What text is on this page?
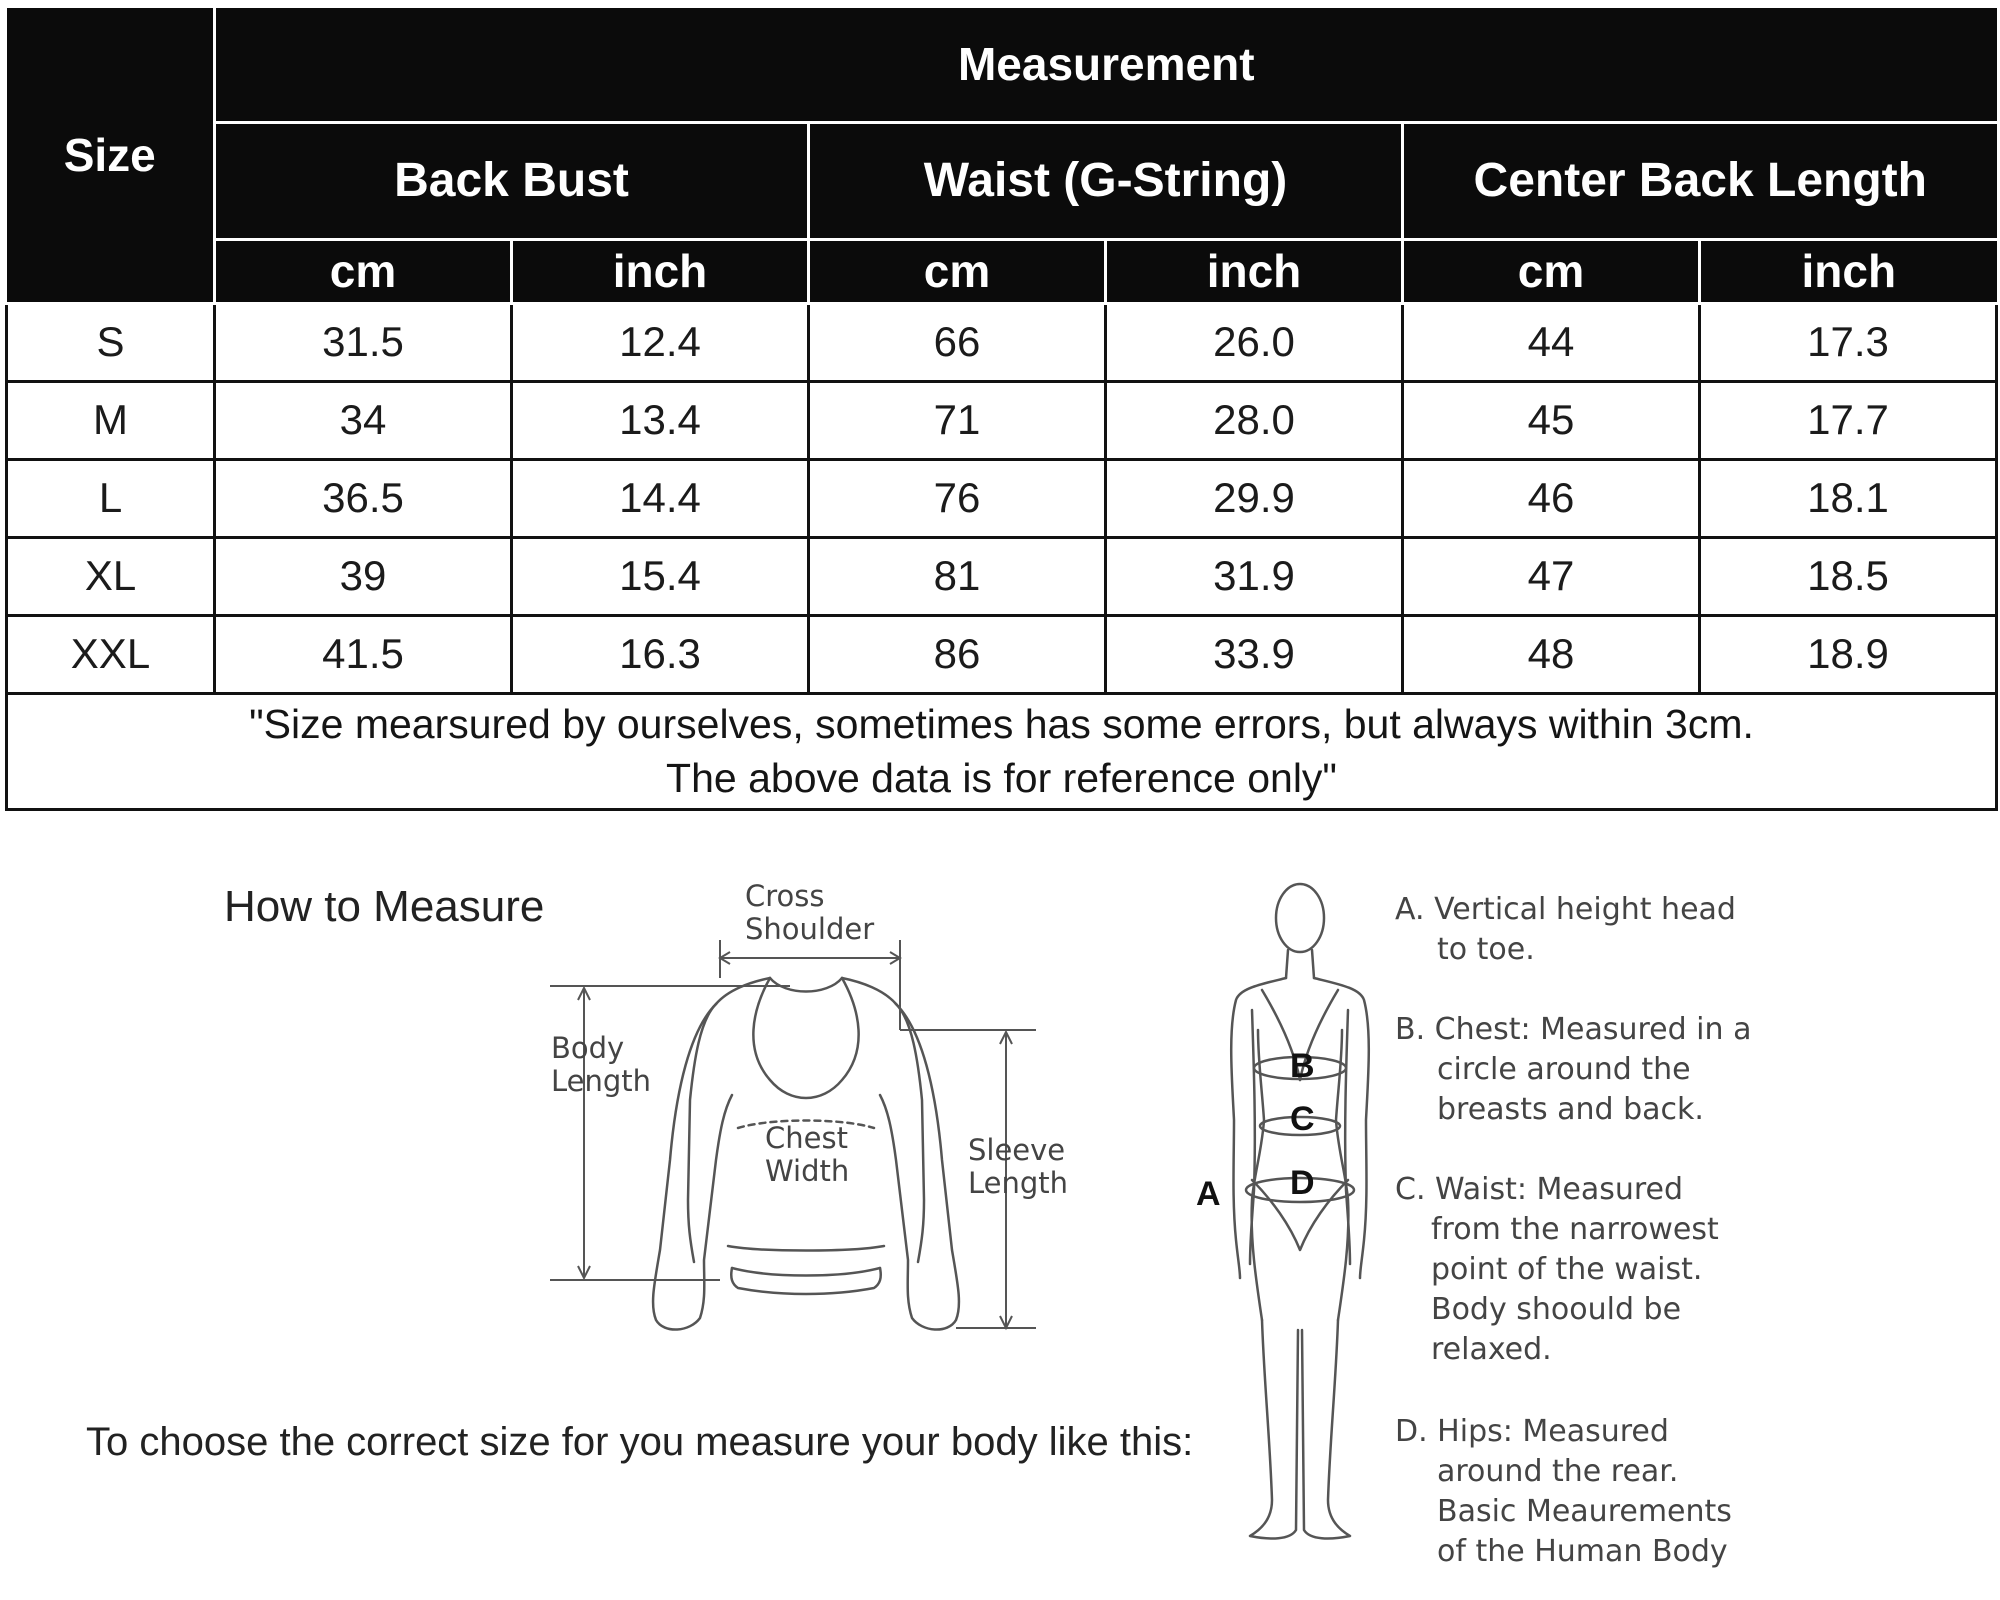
Size	Measurement					
	Back Bust		Waist (G-String)		Center Back Length	
	cm	inch	cm	inch	cm	inch
S	31.5	12.4	66	26.0	44	17.3
M	34	13.4	71	28.0	45	17.7
L	36.5	14.4	76	29.9	46	18.1
XL	39	15.4	81	31.9	47	18.5
XXL	41.5	16.3	86	33.9	48	18.9

"Size mearsured by ourselves, sometimes has some errors, but always within 3cm.
The above data is for reference only"						
How to Measure
To choose the correct size for you measure your body like this:
Cross
Shoulder
Body
Length
Chest
Width
Sleeve
Length
B
C
D
A
A. Vertical height head
to toe.
B. Chest: Measured in a
circle around the
breasts and back.
C. Waist: Measured
from the narrowest
point of the waist.
Body shoould be
relaxed.
D. Hips: Measured
around the rear.
Basic Meaurements
of the Human Body
